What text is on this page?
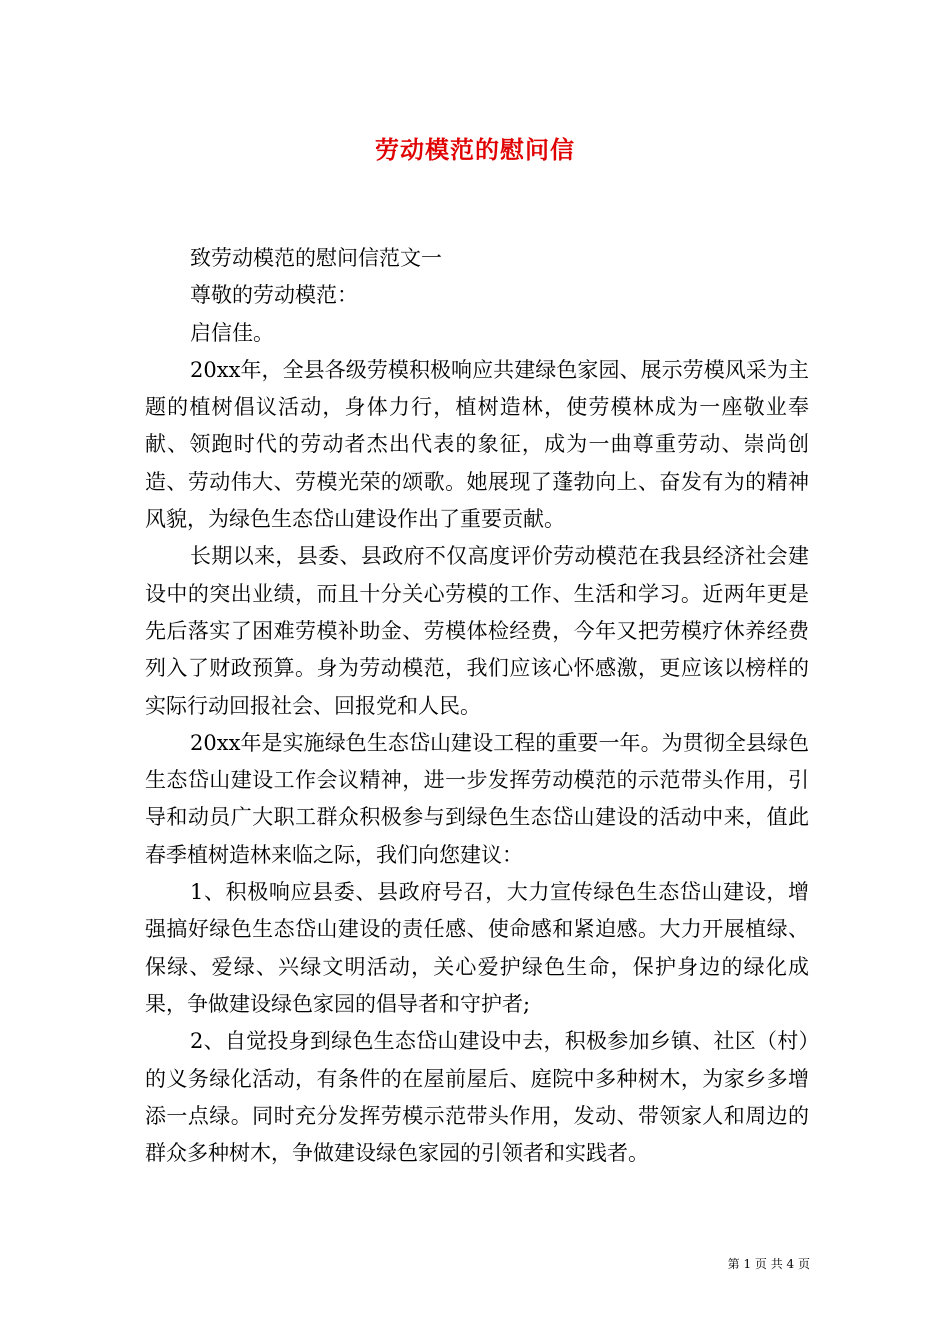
劳动模范的慰问信

致劳动模范的慰问信范文一

尊敬的劳动模范：

启信佳。

20xx年，全县各级劳模积极响应共建绿色家园、展示劳模风采为主题的植树倡议活动，身体力行，植树造林，使劳模林成为一座敬业奉献、领跑时代的劳动者杰出代表的象征，成为一曲尊重劳动、崇尚创造、劳动伟大、劳模光荣的颂歌。她展现了蓬勃向上、奋发有为的精神风貌，为绿色生态岱山建设作出了重要贡献。

长期以来，县委、县政府不仅高度评价劳动模范在我县经济社会建设中的突出业绩，而且十分关心劳模的工作、生活和学习。近两年更是先后落实了困难劳模补助金、劳模体检经费，今年又把劳模疗休养经费列入了财政预算。身为劳动模范，我们应该心怀感激，更应该以榜样的实际行动回报社会、回报党和人民。

20xx年是实施绿色生态岱山建设工程的重要一年。为贯彻全县绿色生态岱山建设工作会议精神，进一步发挥劳动模范的示范带头作用，引导和动员广大职工群众积极参与到绿色生态岱山建设的活动中来，值此春季植树造林来临之际，我们向您建议：

1、积极响应县委、县政府号召，大力宣传绿色生态岱山建设，增强搞好绿色生态岱山建设的责任感、使命感和紧迫感。大力开展植绿、保绿、爱绿、兴绿文明活动，关心爱护绿色生命，保护身边的绿化成果，争做建设绿色家园的倡导者和守护者;

2、自觉投身到绿色生态岱山建设中去，积极参加乡镇、社区（村）的义务绿化活动，有条件的在屋前屋后、庭院中多种树木，为家乡多增添一点绿。同时充分发挥劳模示范带头作用，发动、带领家人和周边的群众多种树木，争做建设绿色家园的引领者和实践者。

第 1 页 共 4 页
